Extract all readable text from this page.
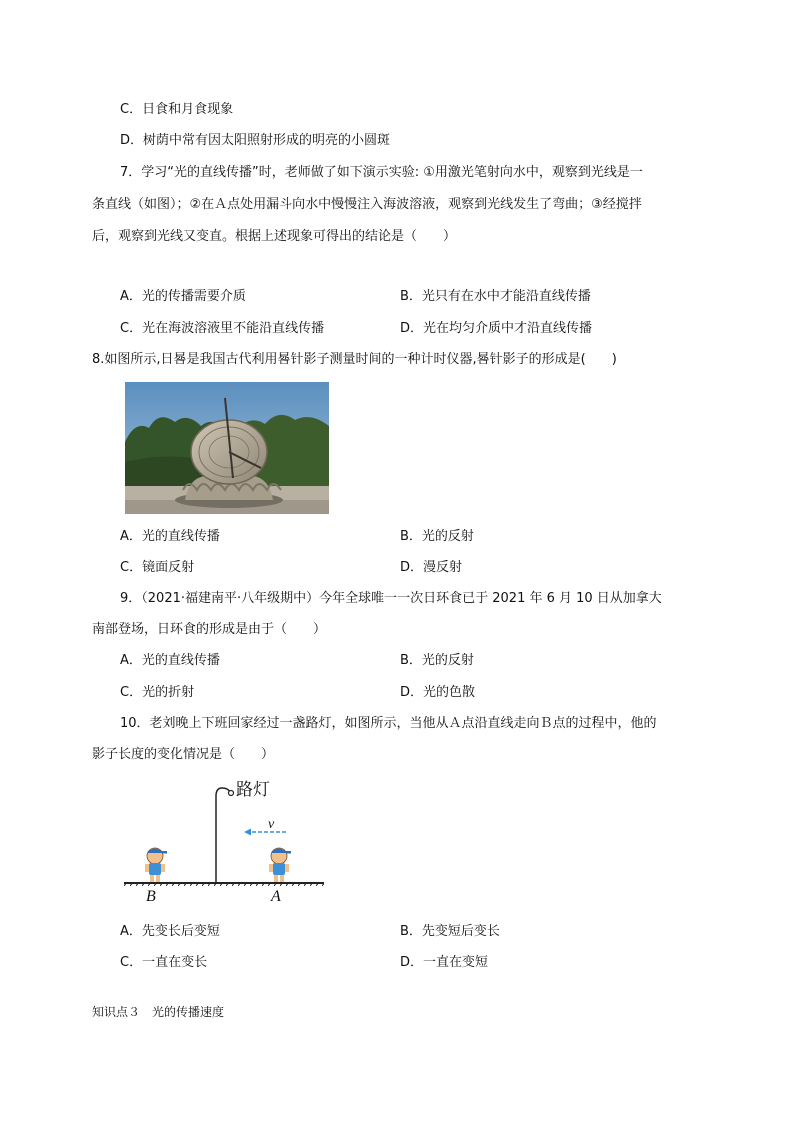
C．日食和月食现象
D．树荫中常有因太阳照射形成的明亮的小圆斑
7．学习“光的直线传播”时，老师做了如下演示实验: ①用激光笔射向水中，观察到光线是一
条直线（如图）；②在Ａ点处用漏斗向水中慢慢注入海波溶液，观察到光线发生了弯曲；③经搅拌
后，观察到光线又变直。根据上述现象可得出的结论是（　　）
A．光的传播需要介质	B．光只有在水中才能沿直线传播
C．光在海波溶液里不能沿直线传播	D．光在均匀介质中才沿直线传播
8.如图所示,日晷是我国古代利用晷针影子测量时间的一种计时仪器,晷针影子的形成是(　　)
A．光的直线传播	B．光的反射
C．镜面反射	D．漫反射
9．（2021·福建南平·八年级期中）今年全球唯一一次日环食已于 2021 年 6 月 10 日从加拿大
南部登场，日环食的形成是由于（　　）
A．光的直线传播	B．光的反射
C．光的折射	D．光的色散
10．老刘晚上下班回家经过一盏路灯，如图所示，当他从Ａ点沿直线走向Ｂ点的过程中，他的
影子长度的变化情况是（　　）
路灯
v
B	A
A．先变长后变短	B．先变短后变长
C．一直在变长	D．一直在变短
知识点３　光的传播速度
